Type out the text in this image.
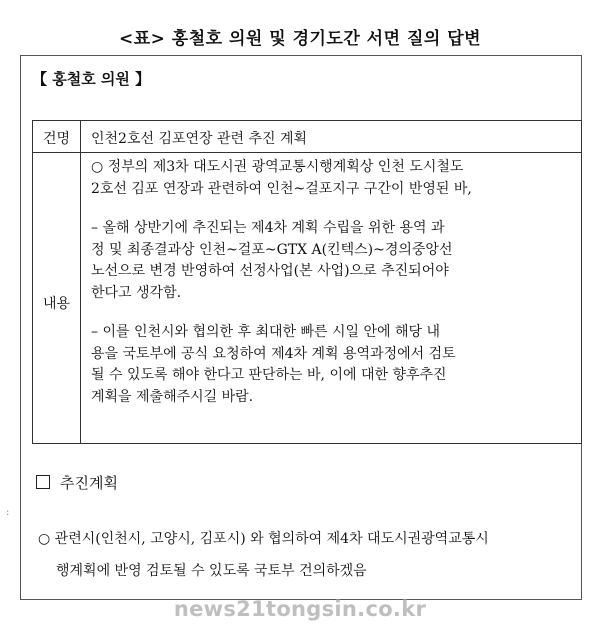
<표> 홍철호 의원 및 경기도간 서면 질의 답변
【 홍철호 의원 】
건명	인천2호선 김포연장 관련 추진 계획
내용

○ 정부의 제3차 대도시권 광역교통시행계획상 인천 도시철도

2호선 김포 연장과 관련하여 인천~걸포지구 구간이 반영된 바,

– 올해 상반기에 추진되는 제4차 계획 수립을 위한 용역 과

정 및 최종결과상 인천~걸포~GTX A(킨텍스)~경의중앙선

노선으로 변경 반영하여 선정사업(본 사업)으로 추진되어야

한다고 생각함.

– 이를 인천시와 협의한 후 최대한 빠른 시일 안에 해당 내

용을 국토부에 공식 요청하여 제4차 계획 용역과정에서 검토

될 수 있도록 해야 한다고 판단하는 바, 이에 대한 향후추진

계획을 제출해주시길 바람.

추진계획
:

○ 관련시(인천시, 고양시, 김포시) 와 협의하여 제4차 대도시권광역교통시

행계획에 반영 검토될 수 있도록 국토부 건의하겠음

news21tongsin.co.kr
